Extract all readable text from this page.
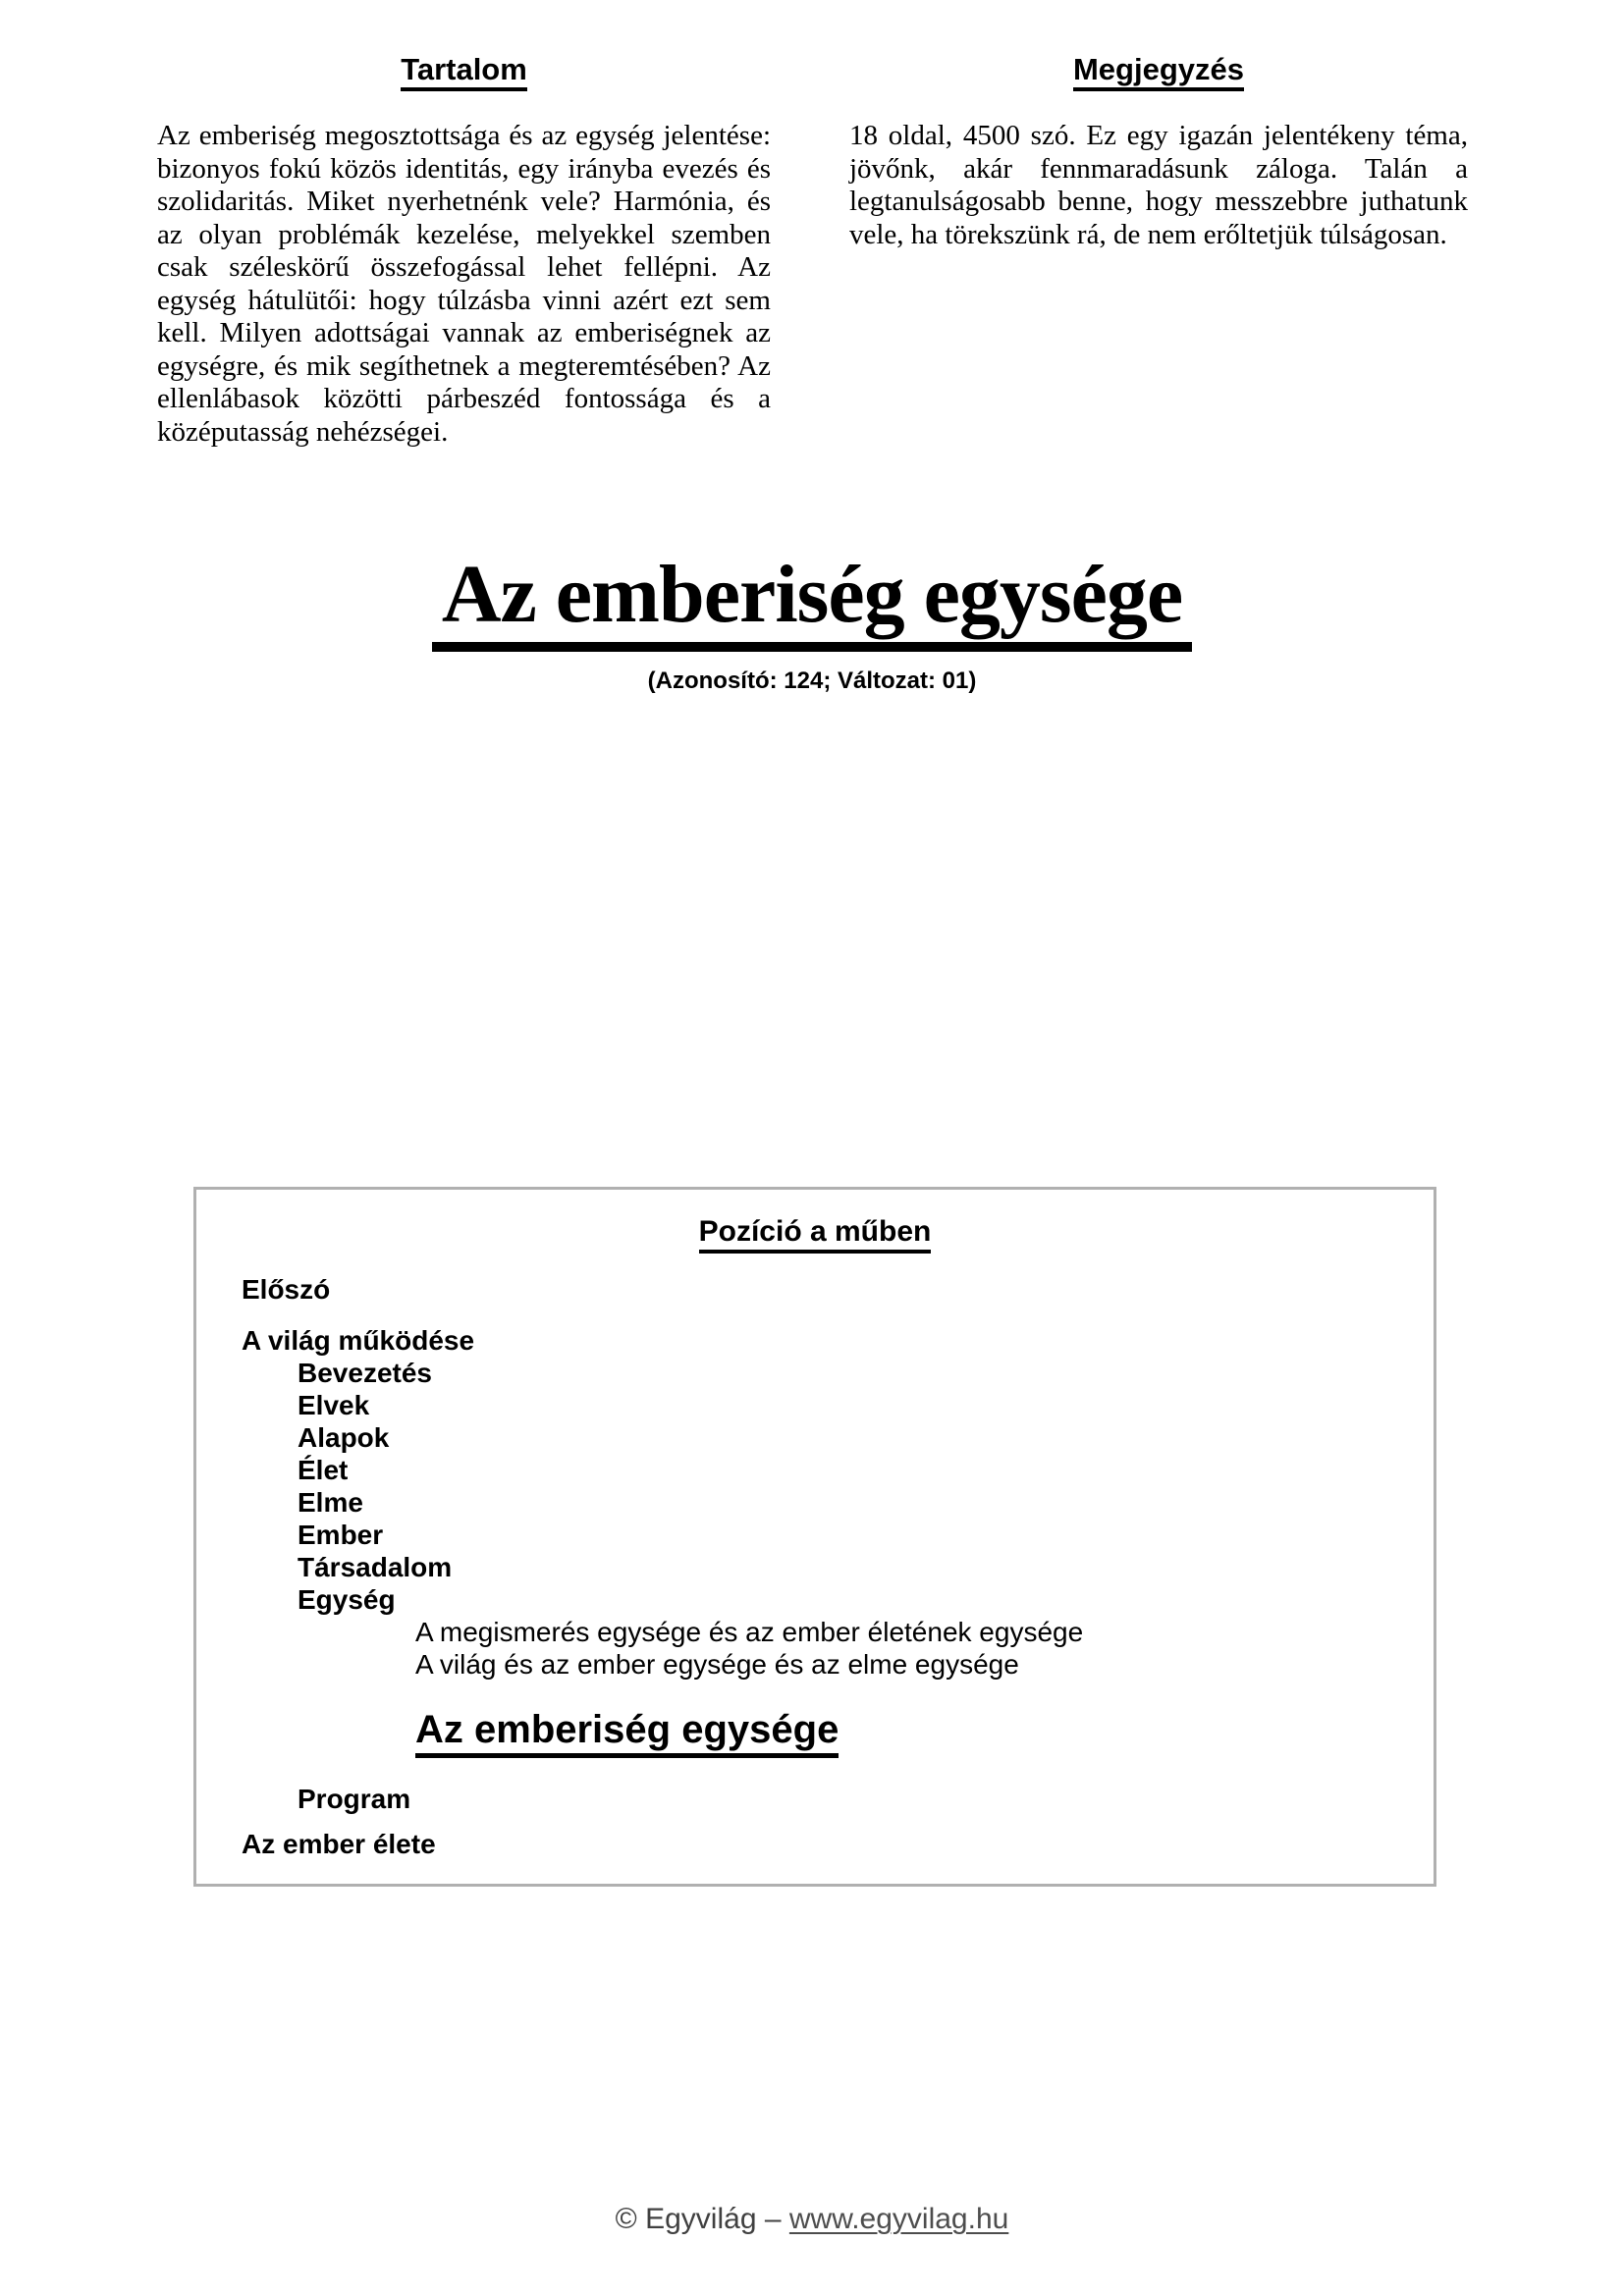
Tartalom

Az emberiség megosztottsága és az egység jelentése: bizonyos fokú közös identitás, egy irányba evezés és szolidaritás. Miket nyerhetnénk vele? Harmónia, és az olyan problémák kezelése, melyekkel szemben csak széleskörű összefogással lehet fellépni. Az egység hátulütői: hogy túlzásba vinni azért ezt sem kell. Milyen adottságai vannak az emberiségnek az egységre, és mik segíthetnek a megteremtésében? Az ellenlábasok közötti párbeszéd fontossága és a középutasság nehézségei.

Megjegyzés

18 oldal, 4500 szó. Ez egy igazán jelentékeny téma, jövőnk, akár fennmaradásunk záloga. Talán a legtanulságosabb benne, hogy messzebbre juthatunk vele, ha törekszünk rá, de nem erőltetjük túlságosan.

Az emberiség egysége
(Azonosító: 124; Változat: 01)
Pozíció a műben
Előszó
A világ működése
Bevezetés
Elvek
Alapok
Élet
Elme
Ember
Társadalom
Egység
A megismerés egysége és az ember életének egysége
A világ és az ember egysége és az elme egysége
Az emberiség egysége
Program
Az ember élete
© Egyvilág – www.egyvilag.hu
